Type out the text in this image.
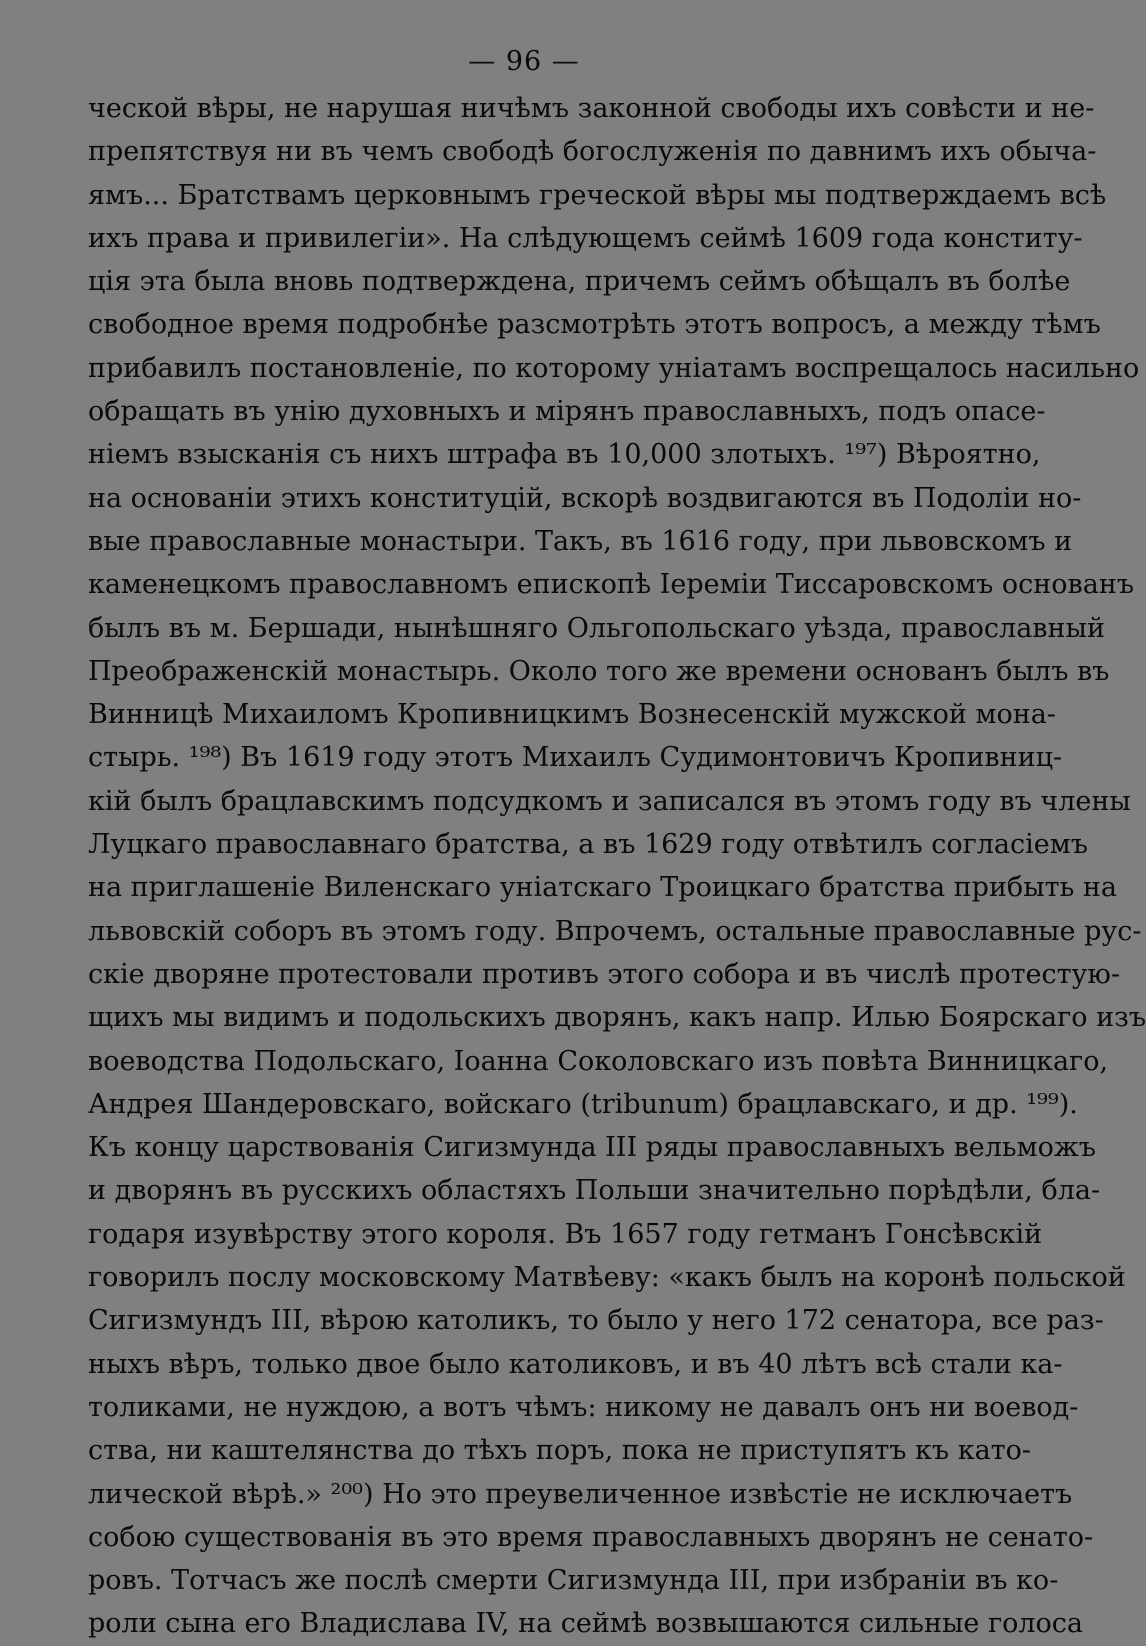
— 96 —
ческой вѣры, не нарушая ничѣмъ законной свободы ихъ совѣсти и не-
препятствуя ни въ чемъ свободѣ богослуженія по давнимъ ихъ обыча-
ямъ... Братствамъ церковнымъ греческой вѣры мы подтверждаемъ всѣ
ихъ права и привилегіи». На слѣдующемъ сеймѣ 1609 года конститу-
ція эта была вновь подтверждена, причемъ сеймъ обѣщалъ въ болѣе
свободное время подробнѣе разсмотрѣть этотъ вопросъ, а между тѣмъ
прибавилъ постановленіе, по которому уніатамъ воспрещалось насильно
обращать въ унію духовныхъ и мірянъ православныхъ, подъ опасе-
ніемъ взысканія съ нихъ штрафа въ 10,000 злотыхъ. ¹⁹⁷) Вѣроятно,
на основаніи этихъ конституцій, вскорѣ воздвигаются въ Подоліи но-
вые православные монастыри. Такъ, въ 1616 году, при львовскомъ и
каменецкомъ православномъ епископѣ Іереміи Тиссаровскомъ основанъ
былъ въ м. Бершади, нынѣшняго Ольгопольскаго уѣзда, православный
Преображенскій монастырь. Около того же времени основанъ былъ въ
Винницѣ Михаиломъ Кропивницкимъ Вознесенскій мужской мона-
стырь. ¹⁹⁸) Въ 1619 году этотъ Михаилъ Судимонтовичъ Кропивниц-
кій былъ брацлавскимъ подсудкомъ и записался въ этомъ году въ члены
Луцкаго православнаго братства, а въ 1629 году отвѣтилъ согласіемъ
на приглашеніе Виленскаго уніатскаго Троицкаго братства прибыть на
львовскій соборъ въ этомъ году. Впрочемъ, остальные православные рус-
скіе дворяне протестовали противъ этого собора и въ числѣ протестую-
щихъ мы видимъ и подольскихъ дворянъ, какъ напр. Илью Боярскаго изъ
воеводства Подольскаго, Іоанна Соколовскаго изъ повѣта Винницкаго,
Андрея Шандеровскаго, войскаго (tribunum) брацлавскаго, и др. ¹⁹⁹).
Къ концу царствованія Сигизмунда III ряды православныхъ вельможъ
и дворянъ въ русскихъ областяхъ Польши значительно порѣдѣли, бла-
годаря изувѣрству этого короля. Въ 1657 году гетманъ Гонсѣвскій
говорилъ послу московскому Матвѣеву: «какъ былъ на коронѣ польской
Сигизмундъ III, вѣрою католикъ, то было у него 172 сенатора, все раз-
ныхъ вѣръ, только двое было католиковъ, и въ 40 лѣтъ всѣ стали ка-
толиками, не нуждою, а вотъ чѣмъ: никому не давалъ онъ ни воевод-
ства, ни каштелянства до тѣхъ поръ, пока не приступятъ къ като-
лической вѣрѣ.» ²⁰⁰) Но это преувеличенное извѣстіе не исключаетъ
собою существованія въ это время православныхъ дворянъ не сенато-
ровъ. Тотчасъ же послѣ смерти Сигизмунда III, при избраніи въ ко-
роли сына его Владислава IV, на сеймѣ возвышаются сильные голоса
